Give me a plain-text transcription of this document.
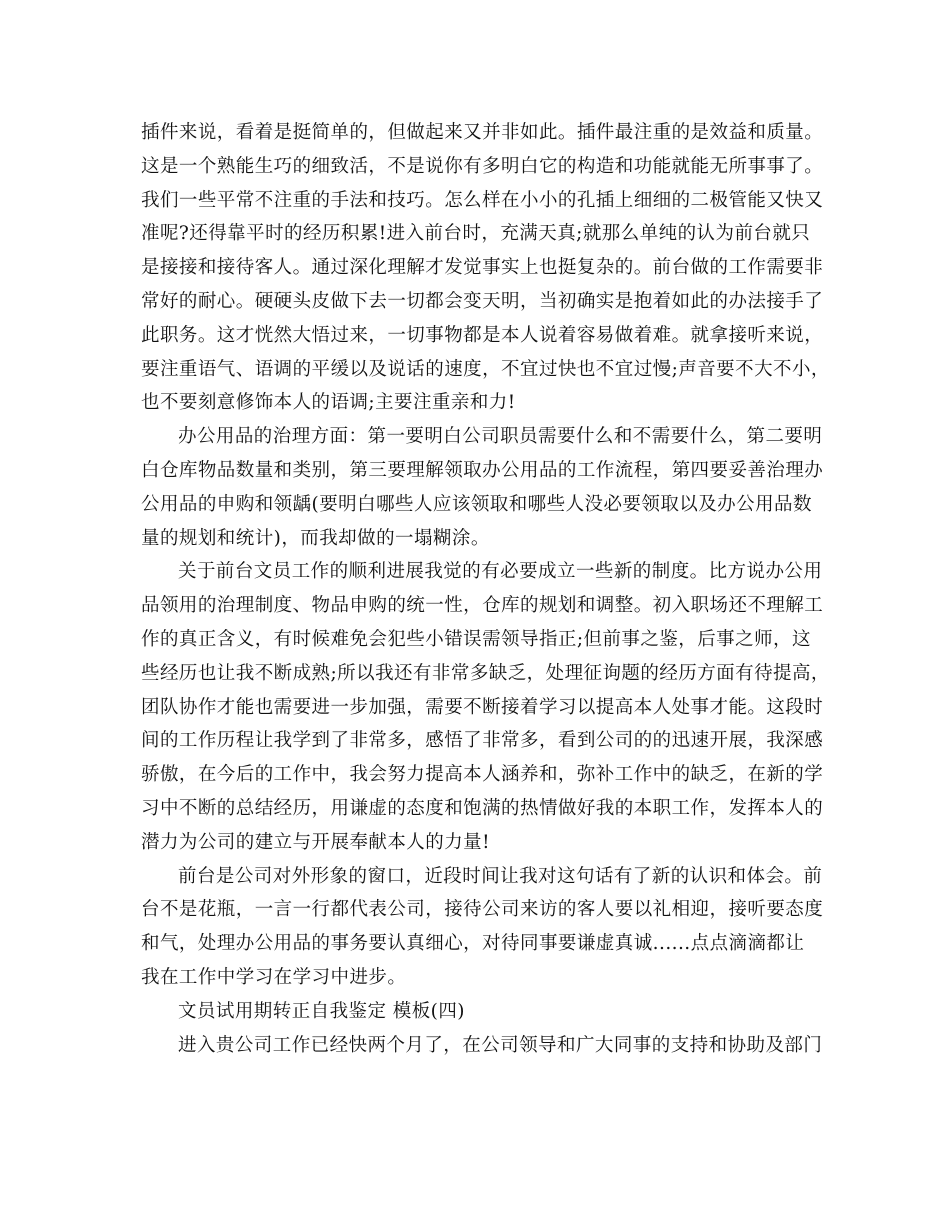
插件来说，看着是挺简单的，但做起来又并非如此。插件最注重的是效益和质量。
这是一个熟能生巧的细致活，不是说你有多明白它的构造和功能就能无所事事了。
我们一些平常不注重的手法和技巧。怎么样在小小的孔插上细细的二极管能又快又
准呢?还得靠平时的经历积累!进入前台时，充满天真;就那么单纯的认为前台就只
是接接和接待客人。通过深化理解才发觉事实上也挺复杂的。前台做的工作需要非
常好的耐心。硬硬头皮做下去一切都会变天明，当初确实是抱着如此的办法接手了
此职务。这才恍然大悟过来，一切事物都是本人说着容易做着难。就拿接听来说，
要注重语气、语调的平缓以及说话的速度，不宜过快也不宜过慢;声音要不大不小，
也不要刻意修饰本人的语调;主要注重亲和力!
办公用品的治理方面：第一要明白公司职员需要什么和不需要什么，第二要明
白仓库物品数量和类别，第三要理解领取办公用品的工作流程，第四要妥善治理办
公用品的申购和领龋(要明白哪些人应该领取和哪些人没必要领取以及办公用品数
量的规划和统计)，而我却做的一塌糊涂。
关于前台文员工作的顺利进展我觉的有必要成立一些新的制度。比方说办公用
品领用的治理制度、物品申购的统一性，仓库的规划和调整。初入职场还不理解工
作的真正含义，有时候难免会犯些小错误需领导指正;但前事之鉴，后事之师，这
些经历也让我不断成熟;所以我还有非常多缺乏，处理征询题的经历方面有待提高，
团队协作才能也需要进一步加强，需要不断接着学习以提高本人处事才能。这段时
间的工作历程让我学到了非常多，感悟了非常多，看到公司的的迅速开展，我深感
骄傲，在今后的工作中，我会努力提高本人涵养和，弥补工作中的缺乏，在新的学
习中不断的总结经历，用谦虚的态度和饱满的热情做好我的本职工作，发挥本人的
潜力为公司的建立与开展奉献本人的力量!
前台是公司对外形象的窗口，近段时间让我对这句话有了新的认识和体会。前
台不是花瓶，一言一行都代表公司，接待公司来访的客人要以礼相迎，接听要态度
和气，处理办公用品的事务要认真细心，对待同事要谦虚真诚......点点滴滴都让
我在工作中学习在学习中进步。
文员试用期转正自我鉴定 模板(四)
进入贵公司工作已经快两个月了，在公司领导和广大同事的支持和协助及部门
